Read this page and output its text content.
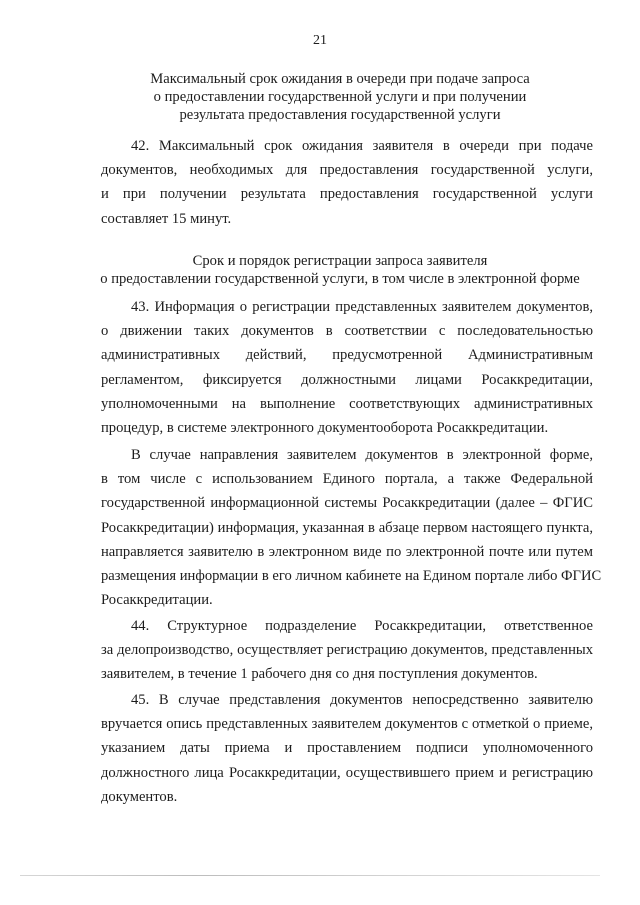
21
Максимальный срок ожидания в очереди при подаче запроса
о предоставлении государственной услуги и при получении
результата предоставления государственной услуги
42. Максимальный срок ожидания заявителя в очереди при подаче
документов, необходимых для предоставления государственной услуги,
и при получении результата предоставления государственной услуги
составляет 15 минут.
Срок и порядок регистрации запроса заявителя
о предоставлении государственной услуги, в том числе в электронной форме
43. Информация о регистрации представленных заявителем документов,
о движении таких документов в соответствии с последовательностью
административных действий, предусмотренной Административным
регламентом, фиксируется должностными лицами Росаккредитации,
уполномоченными на выполнение соответствующих административных
процедур, в системе электронного документооборота Росаккредитации.
В случае направления заявителем документов в электронной форме,
в том числе с использованием Единого портала, а также Федеральной
государственной информационной системы Росаккредитации (далее – ФГИС
Росаккредитации) информация, указанная в абзаце первом настоящего пункта,
направляется заявителю в электронном виде по электронной почте или путем
размещения информации в его личном кабинете на Едином портале либо ФГИС
Росаккредитации.
44. Структурное подразделение Росаккредитации, ответственное
за делопроизводство, осуществляет регистрацию документов, представленных
заявителем, в течение 1 рабочего дня со дня поступления документов.
45. В случае представления документов непосредственно заявителю
вручается опись представленных заявителем документов с отметкой о приеме,
указанием даты приема и проставлением подписи уполномоченного
должностного лица Росаккредитации, осуществившего прием и регистрацию
документов.
